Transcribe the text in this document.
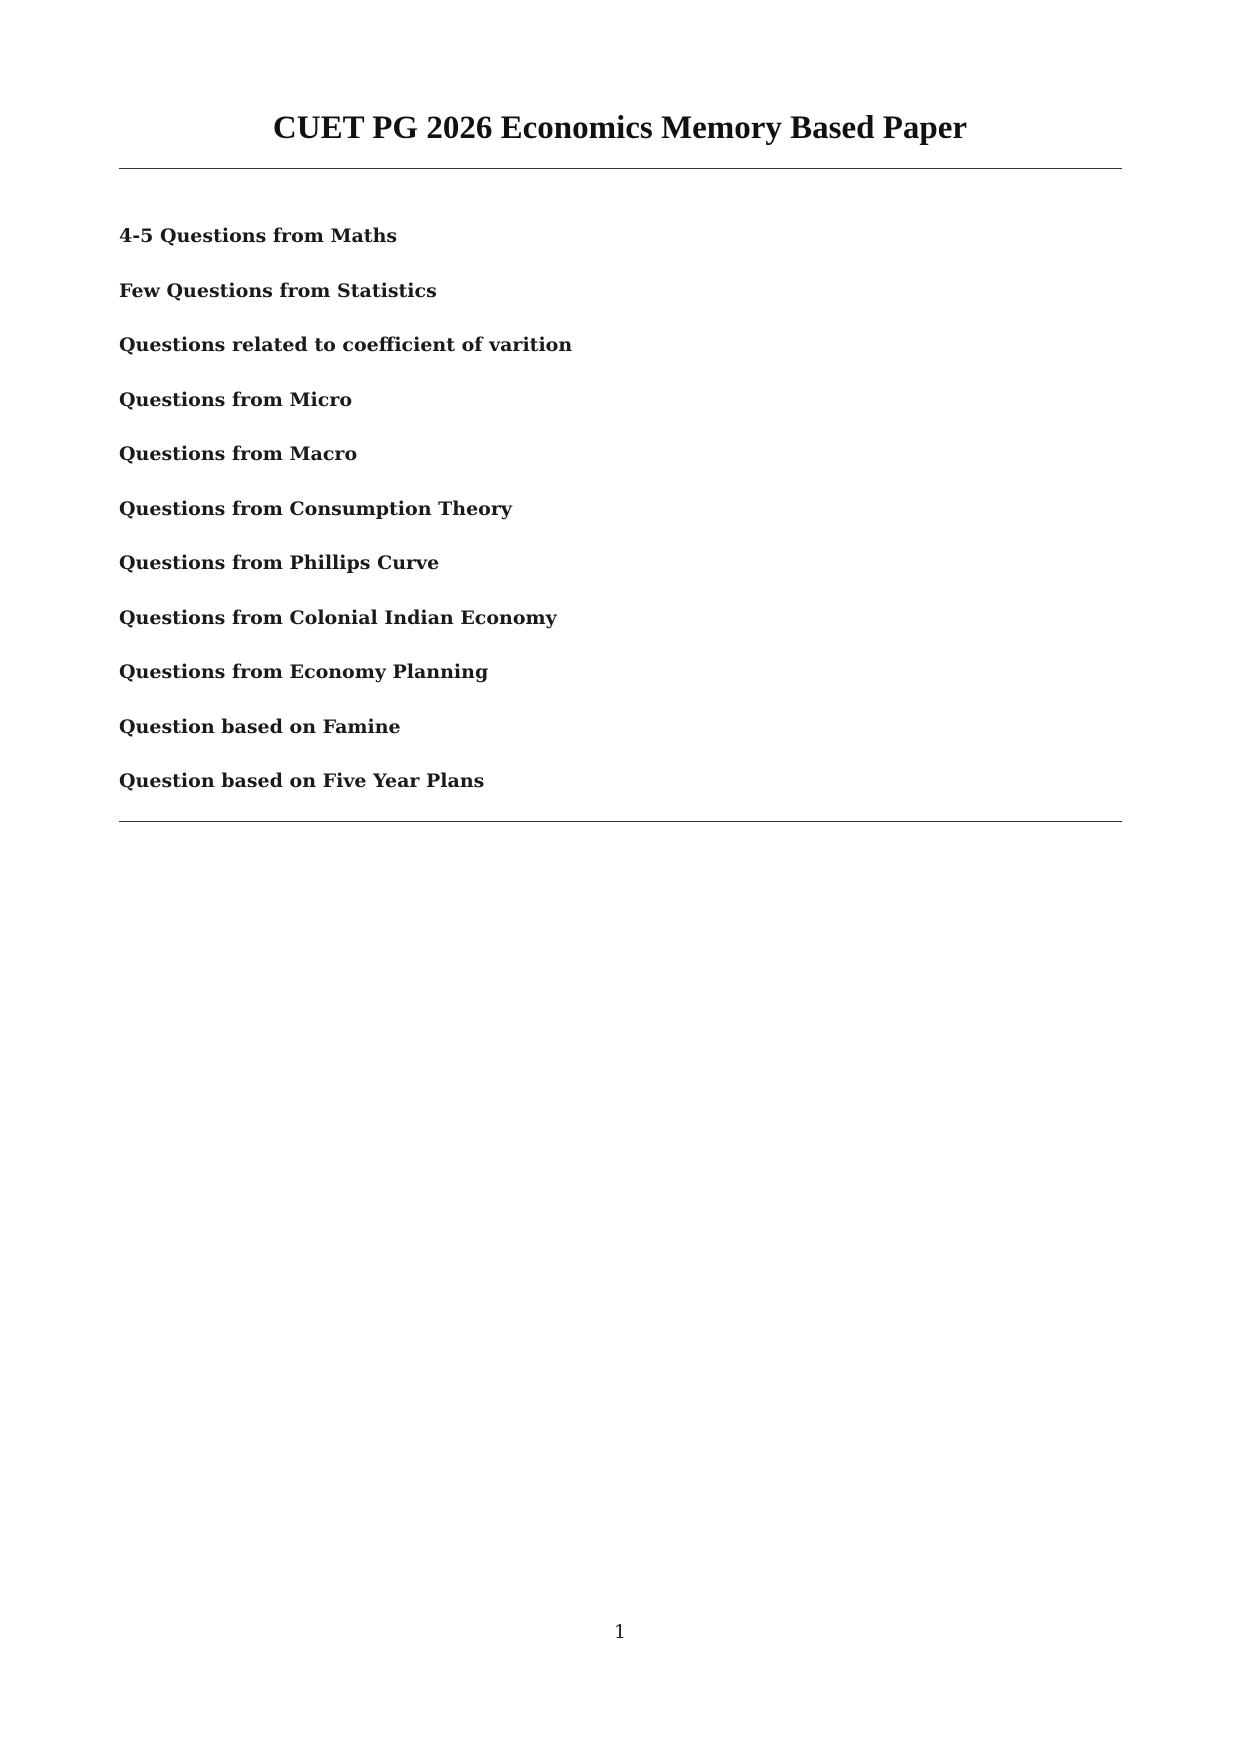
CUET PG 2026 Economics Memory Based Paper
4-5 Questions from Maths
Few Questions from Statistics
Questions related to coefficient of varition
Questions from Micro
Questions from Macro
Questions from Consumption Theory
Questions from Phillips Curve
Questions from Colonial Indian Economy
Questions from Economy Planning
Question based on Famine
Question based on Five Year Plans
1
